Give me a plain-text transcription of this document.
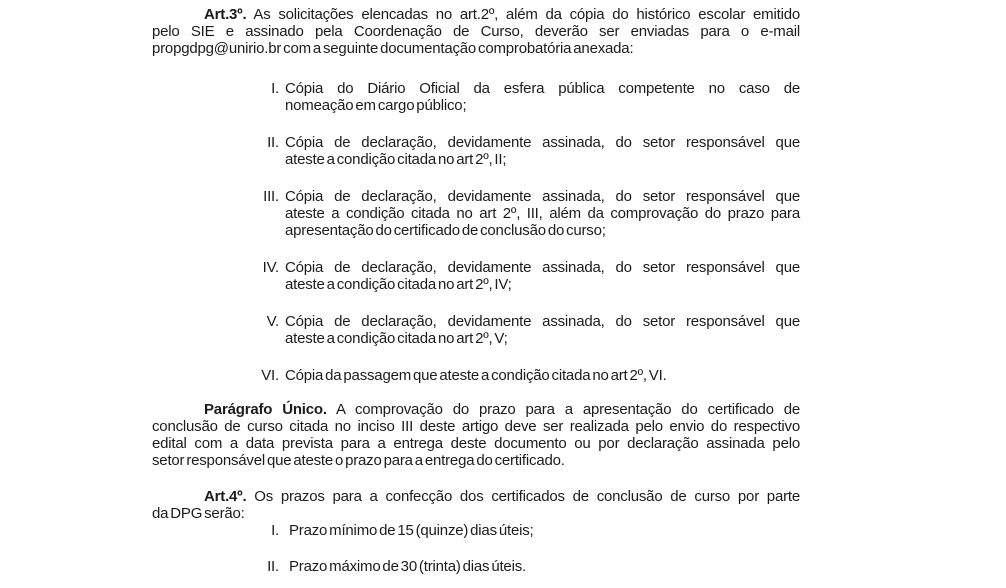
Art.3º. As solicitações elencadas no art.2º, além da cópia do histórico escolar emitido
pelo SIE e assinado pela Coordenação de Curso, deverão ser enviadas para o e-mail
propgdpg@unirio.br com a seguinte documentação comprobatória anexada:
I. Cópia do Diário Oficial da esfera pública competente no caso de
nomeação em cargo público;
II. Cópia de declaração, devidamente assinada, do setor responsável que
ateste a condição citada no art 2º, II;
III. Cópia de declaração, devidamente assinada, do setor responsável que
ateste a condição citada no art 2º, III, além da comprovação do prazo para
apresentação do certificado de conclusão do curso;
IV. Cópia de declaração, devidamente assinada, do setor responsável que
ateste a condição citada no art 2º, IV;
V. Cópia de declaração, devidamente assinada, do setor responsável que
ateste a condição citada no art 2º, V;
VI. Cópia da passagem que ateste a condição citada no art 2º, VI.
Parágrafo Único. A comprovação do prazo para a apresentação do certificado de
conclusão de curso citada no inciso III deste artigo deve ser realizada pelo envio do respectivo
edital com a data prevista para a entrega deste documento ou por declaração assinada pelo
setor responsável que ateste o prazo para a entrega do certificado.
Art.4º. Os prazos para a confecção dos certificados de conclusão de curso por parte
da DPG serão:
I. Prazo mínimo de 15 (quinze) dias úteis;
II. Prazo máximo de 30 (trinta) dias úteis.
